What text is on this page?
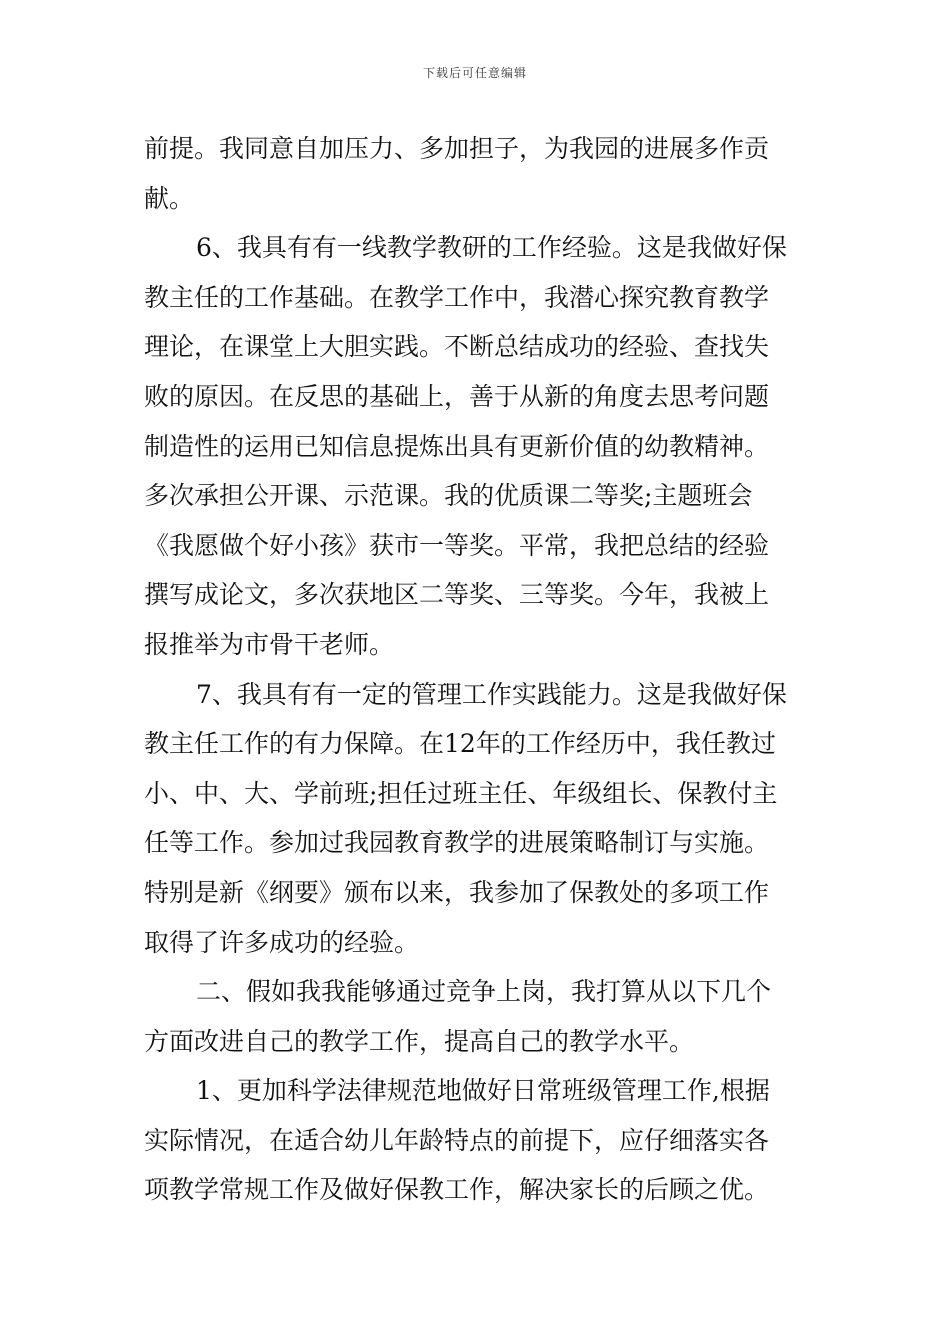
下载后可任意编辑
前提。我同意自加压力、多加担子，为我园的进展多作贡
献。
6、我具有有一线教学教研的工作经验。这是我做好保
教主任的工作基础。在教学工作中，我潜心探究教育教学
理论，在课堂上大胆实践。不断总结成功的经验、查找失
败的原因。在反思的基础上，善于从新的角度去思考问题
制造性的运用已知信息提炼出具有更新价值的幼教精神。
多次承担公开课、示范课。我的优质课二等奖;主题班会
《我愿做个好小孩》获市一等奖。平常，我把总结的经验
撰写成论文，多次获地区二等奖、三等奖。今年，我被上
报推举为市骨干老师。
7、我具有有一定的管理工作实践能力。这是我做好保
教主任工作的有力保障。在12年的工作经历中，我任教过
小、中、大、学前班;担任过班主任、年级组长、保教付主
任等工作。参加过我园教育教学的进展策略制订与实施。
特别是新《纲要》颁布以来，我参加了保教处的多项工作
取得了许多成功的经验。
二、假如我我能够通过竞争上岗，我打算从以下几个
方面改进自己的教学工作，提高自己的教学水平。
1、更加科学法律规范地做好日常班级管理工作,根据
实际情况，在适合幼儿年龄特点的前提下，应仔细落实各
项教学常规工作及做好保教工作，解决家长的后顾之优。
